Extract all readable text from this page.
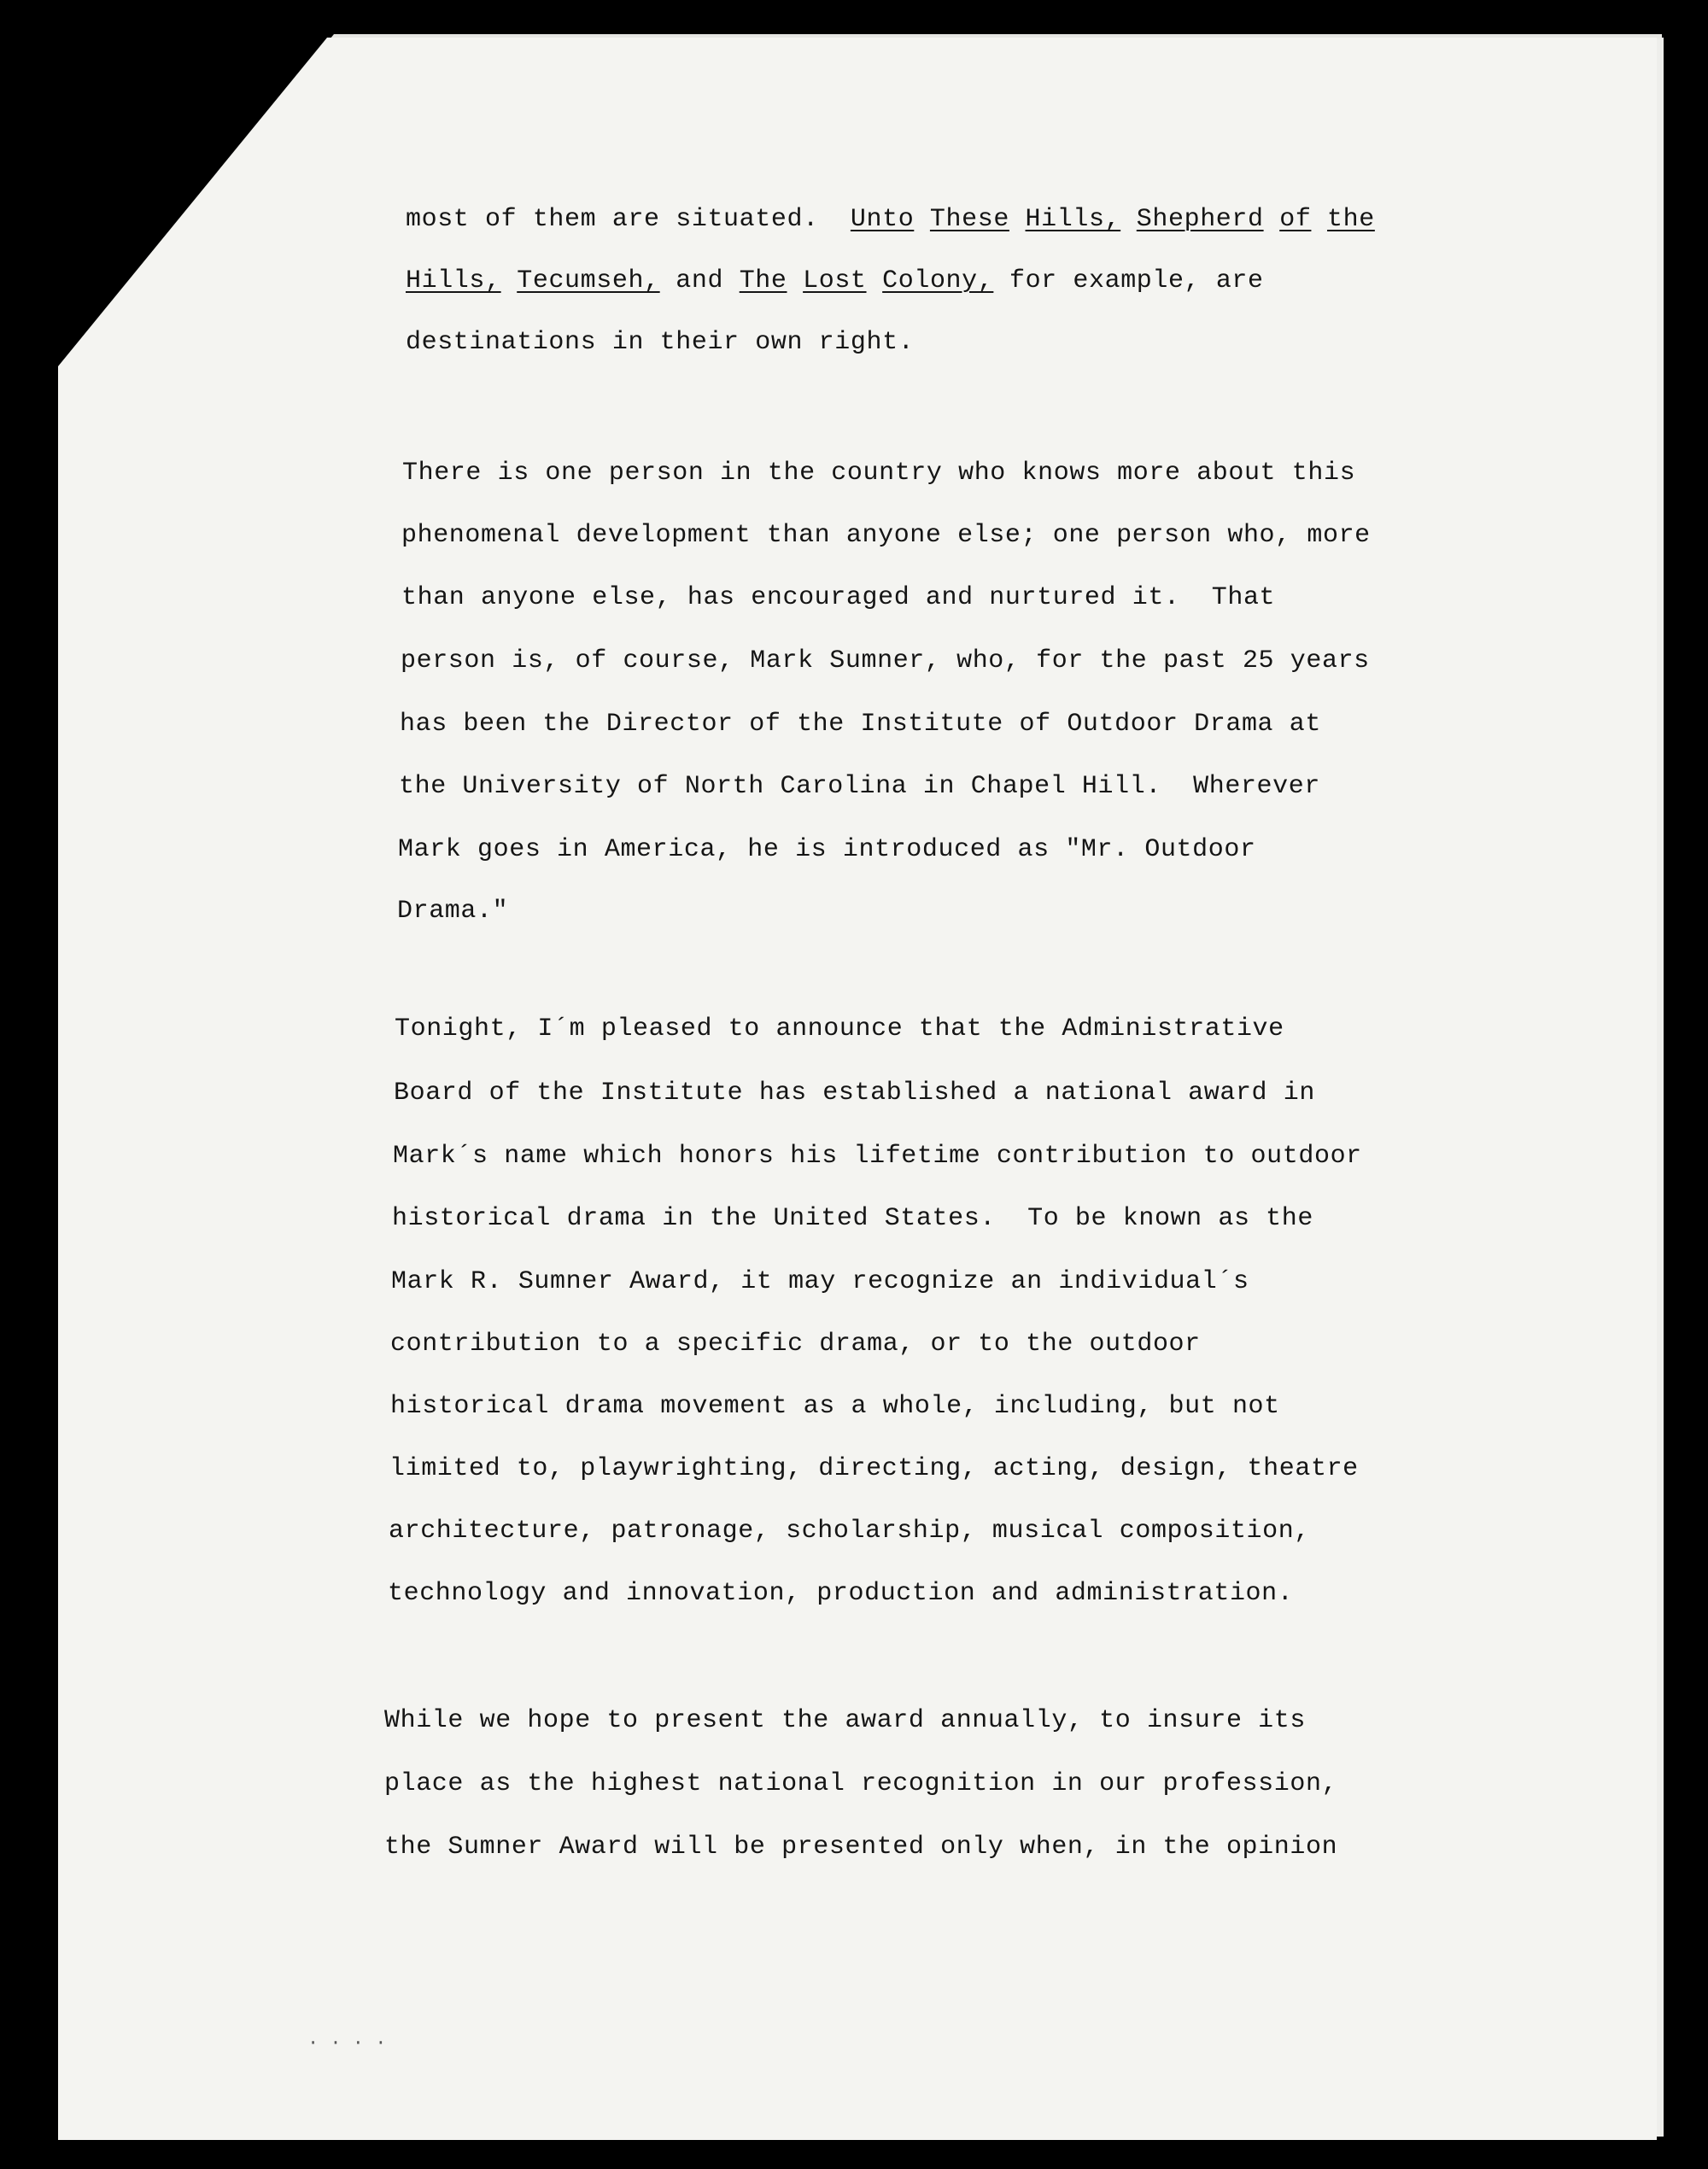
most of them are situated.  Unto These Hills, Shepherd of the
Hills, Tecumseh, and The Lost Colony, for example, are
destinations in their own right.
There is one person in the country who knows more about this
phenomenal development than anyone else; one person who, more
than anyone else, has encouraged and nurtured it.  That
person is, of course, Mark Sumner, who, for the past 25 years
has been the Director of the Institute of Outdoor Drama at
the University of North Carolina in Chapel Hill.  Wherever
Mark goes in America, he is introduced as "Mr. Outdoor
Drama."
Tonight, I´m pleased to announce that the Administrative
Board of the Institute has established a national award in
Mark´s name which honors his lifetime contribution to outdoor
historical drama in the United States.  To be known as the
Mark R. Sumner Award, it may recognize an individual´s
contribution to a specific drama, or to the outdoor
historical drama movement as a whole, including, but not
limited to, playwrighting, directing, acting, design, theatre
architecture, patronage, scholarship, musical composition,
technology and innovation, production and administration.
While we hope to present the award annually, to insure its
place as the highest national recognition in our profession,
the Sumner Award will be presented only when, in the opinion
· · · ·
